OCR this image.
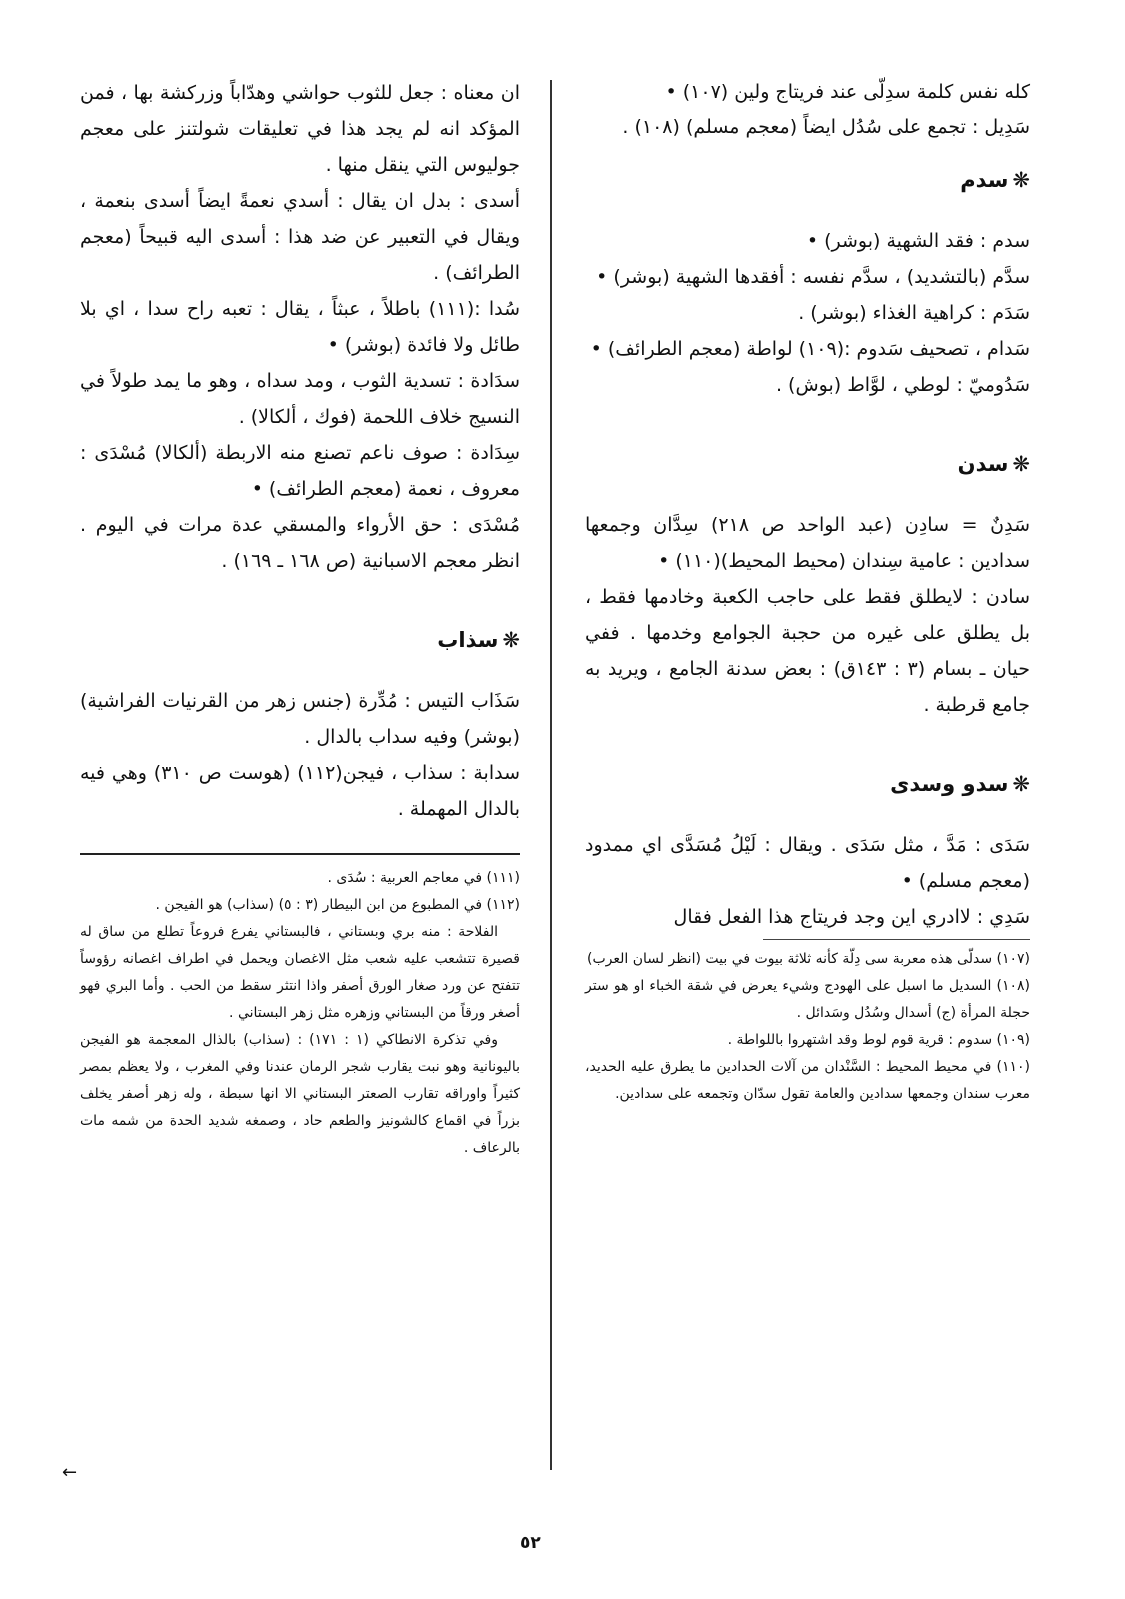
كله نفس كلمة سدِلّى عند فريتاج ولين (١٠٧) •

سَدِيل : تجمع على سُدُل ايضاً (معجم مسلم) (١٠٨) .

❋سدم

سدم : فقد الشهية (بوشر) •

سدَّم (بالتشديد) ، سدَّم نفسه : أفقدها الشهية (بوشر) •

سَدَم : كراهية الغذاء (بوشر) .

سَدام ، تصحيف سَدوم :(١٠٩) لواطة (معجم الطرائف) •

سَدُوميّ : لوطي ، لوَّاط (بوش) .

❋سدن

سَدِنٌ = سادِن (عبد الواحد ص ٢١٨) سِدَّان وجمعها سدادين : عامية سِندان (محيط المحيط)(١١٠) •

سادن : لايطلق فقط على حاجب الكعبة وخادمها فقط ، بل يطلق على غيره من حجبة الجوامع وخدمها . ففي حيان ـ بسام (٣ : ١٤٣ق) : بعض سدنة الجامع ، ويريد به جامع قرطبة .

❋سدو وسدى

سَدَى : مَدَّ ، مثل سَدَى . ويقال : لَيْلُ مُسَدَّى اي ممدود (معجم مسلم) •

سَدِي : لاادري اين وجد فريتاج هذا الفعل فقال

(١٠٧) سدلّى هذه معربة سى دِلّة كأنه ثلاثة بيوت في بيت (انظر لسان العرب)

(١٠٨) السديل ما اسبل على الهودج وشيء يعرض في شقة الخباء او هو ستر حجلة المرأة (ج) أسدال وسُدُل وسَدائل .

(١٠٩) سدوم : قرية قوم لوط وقد اشتهروا باللواطة .

(١١٠) في محيط المحيط : السَّنْدان من آلات الحدادين ما يطرق عليه الحديد، معرب سندان وجمعها سدادين والعامة تقول سدّان وتجمعه على سدادين.

ان معناه : جعل للثوب حواشي وهدّاباً وزركشة بها ، فمن المؤكد انه لم يجد هذا في تعليقات شولتنز على معجم جوليوس التي ينقل منها .

أسدى : بدل ان يقال : أسدي نعمةً ايضاً أسدى بنعمة ، ويقال في التعبير عن ضد هذا : أسدى اليه قبيحاً (معجم الطرائف) .

سُدا :(١١١) باطلاً ، عبثاً ، يقال : تعبه راح سدا ، اي بلا طائل ولا فائدة (بوشر) •

سدَادة : تسدية الثوب ، ومد سداه ، وهو ما يمد طولاً في النسيج خلاف اللحمة (فوك ، ألكالا) .

سِدَادة : صوف ناعم تصنع منه الاربطة (ألكالا) مُسْدَى : معروف ، نعمة (معجم الطرائف) •

مُسْدَى : حق الأرواء والمسقي عدة مرات في اليوم . انظر معجم الاسبانية (ص ١٦٨ ـ ١٦٩) .

❋سذاب

سَذَاب التيس : مُدِّرة (جنس زهر من القرنيات الفراشية) (بوشر) وفيه سداب بالدال .

سدابة : سذاب ، فيجن(١١٢) (هوست ص ٣١٠) وهي فيه بالدال المهملة .

(١١١) في معاجم العربية : سُدَى .

(١١٢) في المطبوع من ابن البيطار (٣ : ٥) (سذاب) هو الفيجن .

الفلاحة : منه بري وبستاني ، فالبستاني يفرع فروعاً تطلع من ساق له قصيرة تتشعب عليه شعب مثل الاغصان ويحمل في اطراف اغصانه رؤوساً تتفتح عن ورد صغار الورق أصفر واذا انتثر سقط من الحب . وأما البري فهو أصغر ورقاً من البستاني وزهره مثل زهر البستاني .

وفي تذكرة الانطاكي (١ : ١٧١) : (سذاب) بالذال المعجمة هو الفيجن باليونانية وهو نبت يقارب شجر الرمان عندنا وفي المغرب ، ولا يعظم بمصر كثيراً واوراقه تقارب الصعتر البستاني الا انها سبطة ، وله زهر أصفر يخلف بزراً في اقماع كالشونيز والطعم حاد ، وصمغه شديد الحدة من شمه مات بالرعاف .

←
٥٢
